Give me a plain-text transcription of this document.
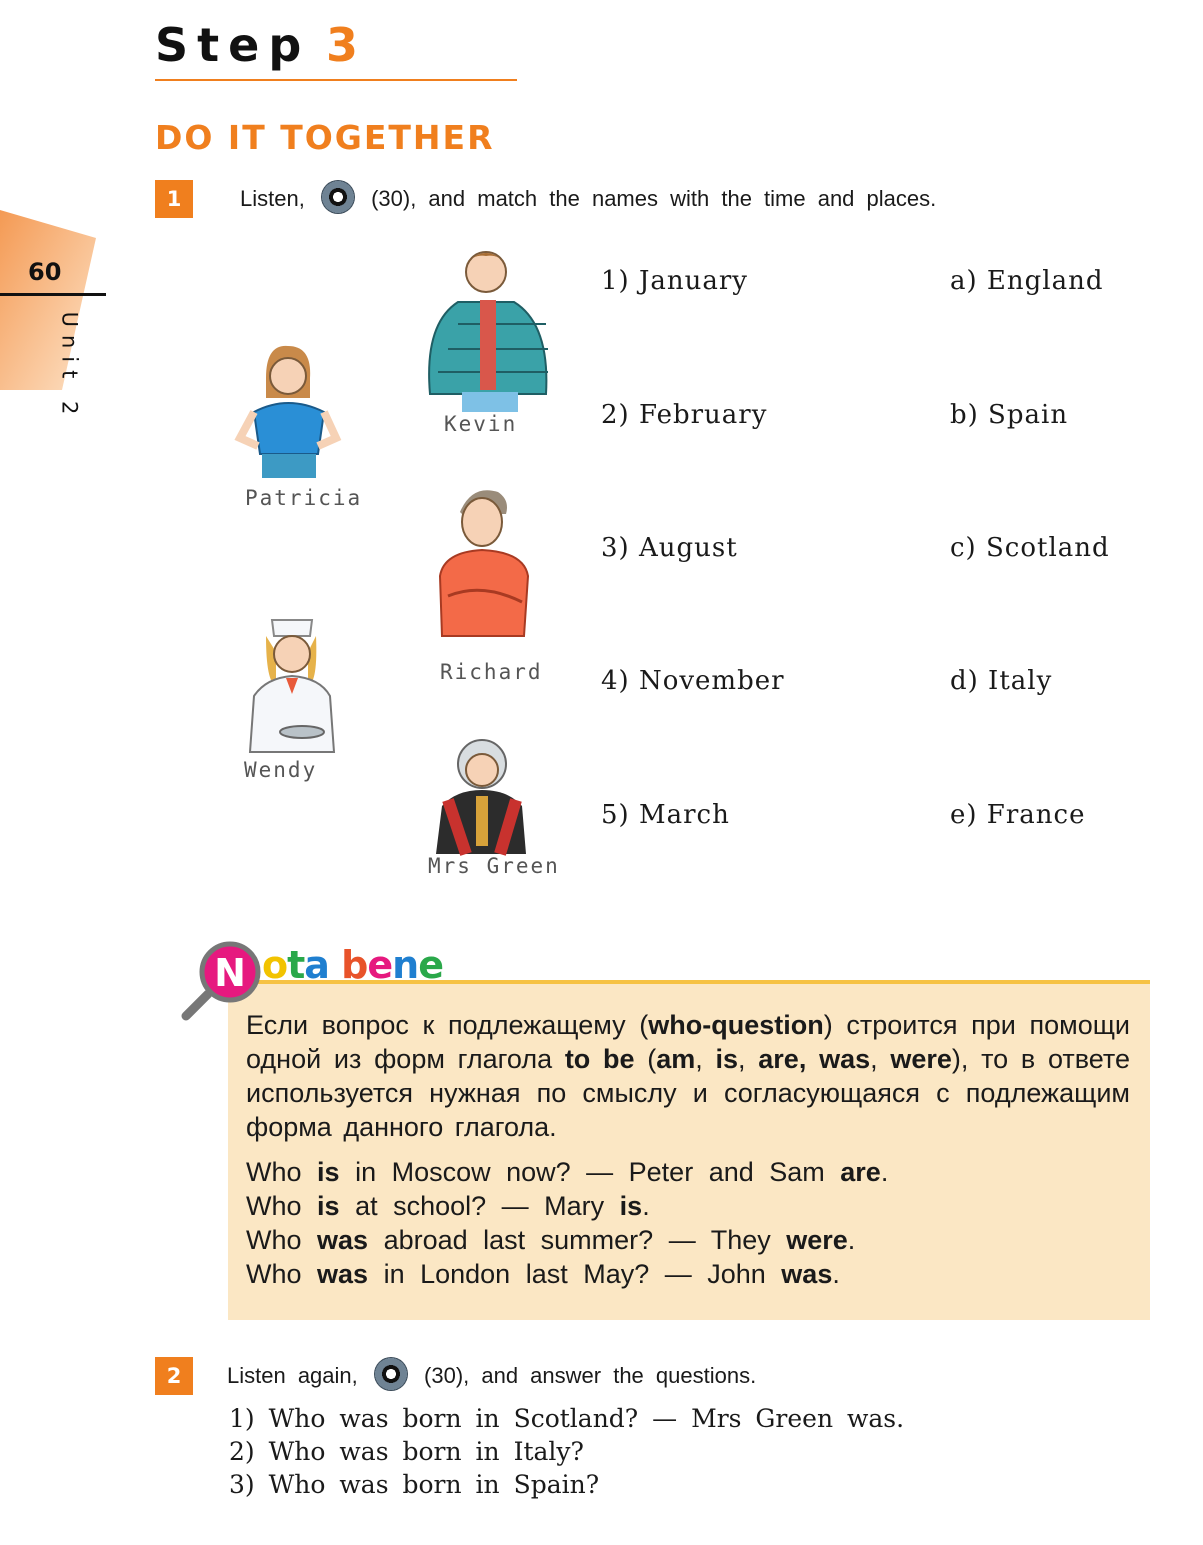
Step 3
DO IT TOGETHER
60
Unit 2
1	Listen,	(30), and match the names with the time and places.
Kevin
Patricia
Richard
Wendy
Mrs Green
1) January
2) February
3) August
4) November
5) March
a) England
b) Spain
c) Scotland
d) Italy
e) France
N ota bene
Если вопрос к подлежащему (who-question) строится при помощи одной из форм глагола to be (am, is, are, was, were), то в ответе используется нужная по смыслу и согласующаяся с подлежащим форма данного глагола.
Who is in Moscow now? — Peter and Sam are.
Who is at school? — Mary is.
Who was abroad last summer? — They were.
Who was in London last May? — John was.
2	Listen again,	(30), and answer the questions.
1) Who was born in Scotland? — Mrs Green was.
2) Who was born in Italy?
3) Who was born in Spain?
